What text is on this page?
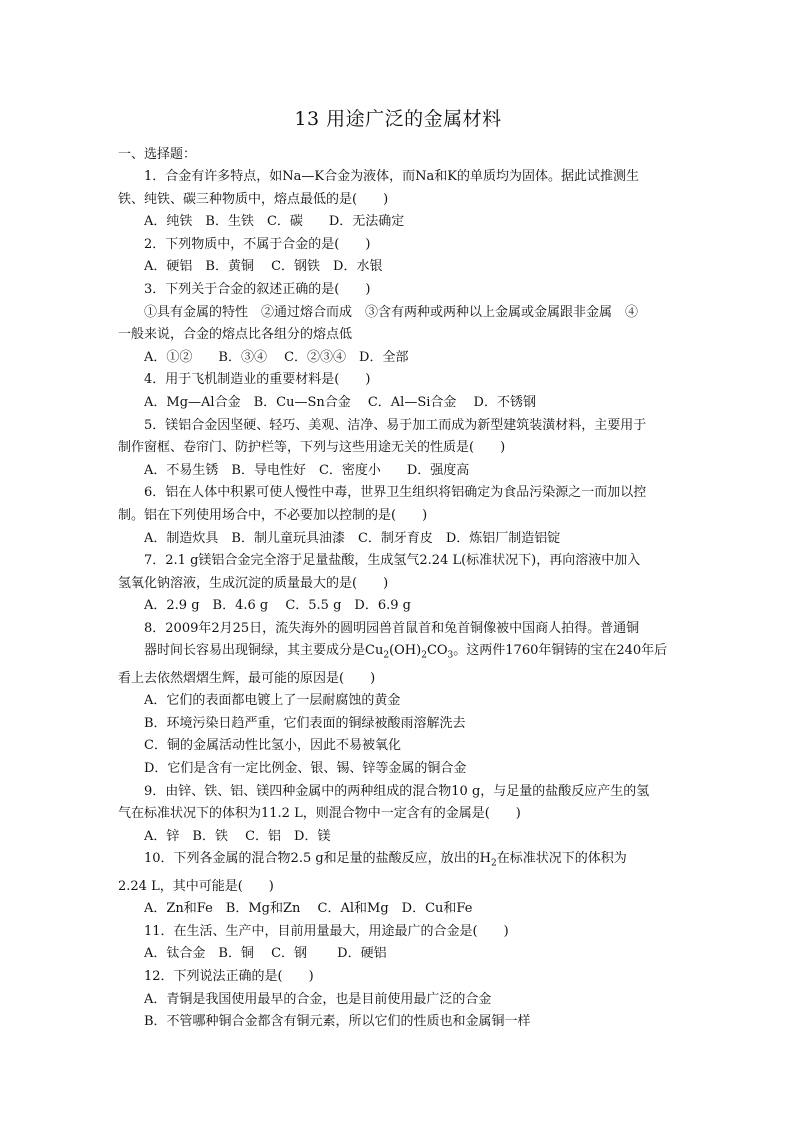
13 用途广泛的金属材料
一、选择题：
1．合金有许多特点，如Na—K合金为液体，而Na和K的单质均为固体。据此试推测生
铁、纯铁、碳三种物质中，熔点最低的是(　　)
A．纯铁　B．生铁　C．碳　　D．无法确定
2．下列物质中，不属于合金的是(　　)
A．硬铝　B．黄铜　 C．钢铁　D．水银
3．下列关于合金的叙述正确的是(　　)
①具有金属的特性　②通过熔合而成　③含有两种或两种以上金属或金属跟非金属　④
一般来说，合金的熔点比各组分的熔点低
A．①②　　B．③④　 C．②③④　D．全部
4．用于飞机制造业的重要材料是(　　)
A．Mg—Al合金　B．Cu—Sn合金　 C．Al—Si合金　 D．不锈钢
5．镁铝合金因坚硬、轻巧、美观、洁净、易于加工而成为新型建筑装潢材料，主要用于
制作窗框、卷帘门、防护栏等，下列与这些用途无关的性质是(　　)
A．不易生锈　B．导电性好　C．密度小　　D．强度高
6．铝在人体中积累可使人慢性中毒，世界卫生组织将铝确定为食品污染源之一而加以控
制。铝在下列使用场合中，不必要加以控制的是(　　)
A．制造炊具　B．制儿童玩具油漆　C．制牙育皮　D．炼铝厂制造铝锭
7．2.1 g镁铝合金完全溶于足量盐酸，生成氢气2.24 L(标准状况下)，再向溶液中加入
氢氧化钠溶液，生成沉淀的质量最大的是(　　)
A．2.9 g　B．4.6 g　 C．5.5 g　D．6.9 g
8．2009年2月25日，流失海外的圆明园兽首鼠首和兔首铜像被中国商人拍得。普通铜
器时间长容易出现铜绿，其主要成分是$Cu_2(OH)_2CO_3$。这两件1760年铜铸的宝在240年后
看上去依然熠熠生辉，最可能的原因是(　　)
A．它们的表面都电镀上了一层耐腐蚀的黄金
B．环境污染日趋严重，它们表面的铜绿被酸雨溶解洗去
C．铜的金属活动性比氢小，因此不易被氧化
D．它们是含有一定比例金、银、锡、锌等金属的铜合金
9．由锌、铁、铝、镁四种金属中的两种组成的混合物10 g，与足量的盐酸反应产生的氢
气在标准状况下的体积为11.2 L，则混合物中一定含有的金属是(　　)
A．锌　B．铁　 C．铝　D．镁
10．下列各金属的混合物2.5 g和足量的盐酸反应，放出的$H_2$在标准状况下的体积为
2.24 L，其中可能是(　　)
A．Zn和Fe　B．Mg和Zn　 C．Al和Mg　D．Cu和Fe
11．在生活、生产中，目前用量最大，用途最广的合金是(　　)
A．钛合金　B．铜　 C．钢　　 D．硬铝
12．下列说法正确的是(　　)
A．青铜是我国使用最早的合金，也是目前使用最广泛的合金
B．不管哪种铜合金都含有铜元素，所以它们的性质也和金属铜一样
